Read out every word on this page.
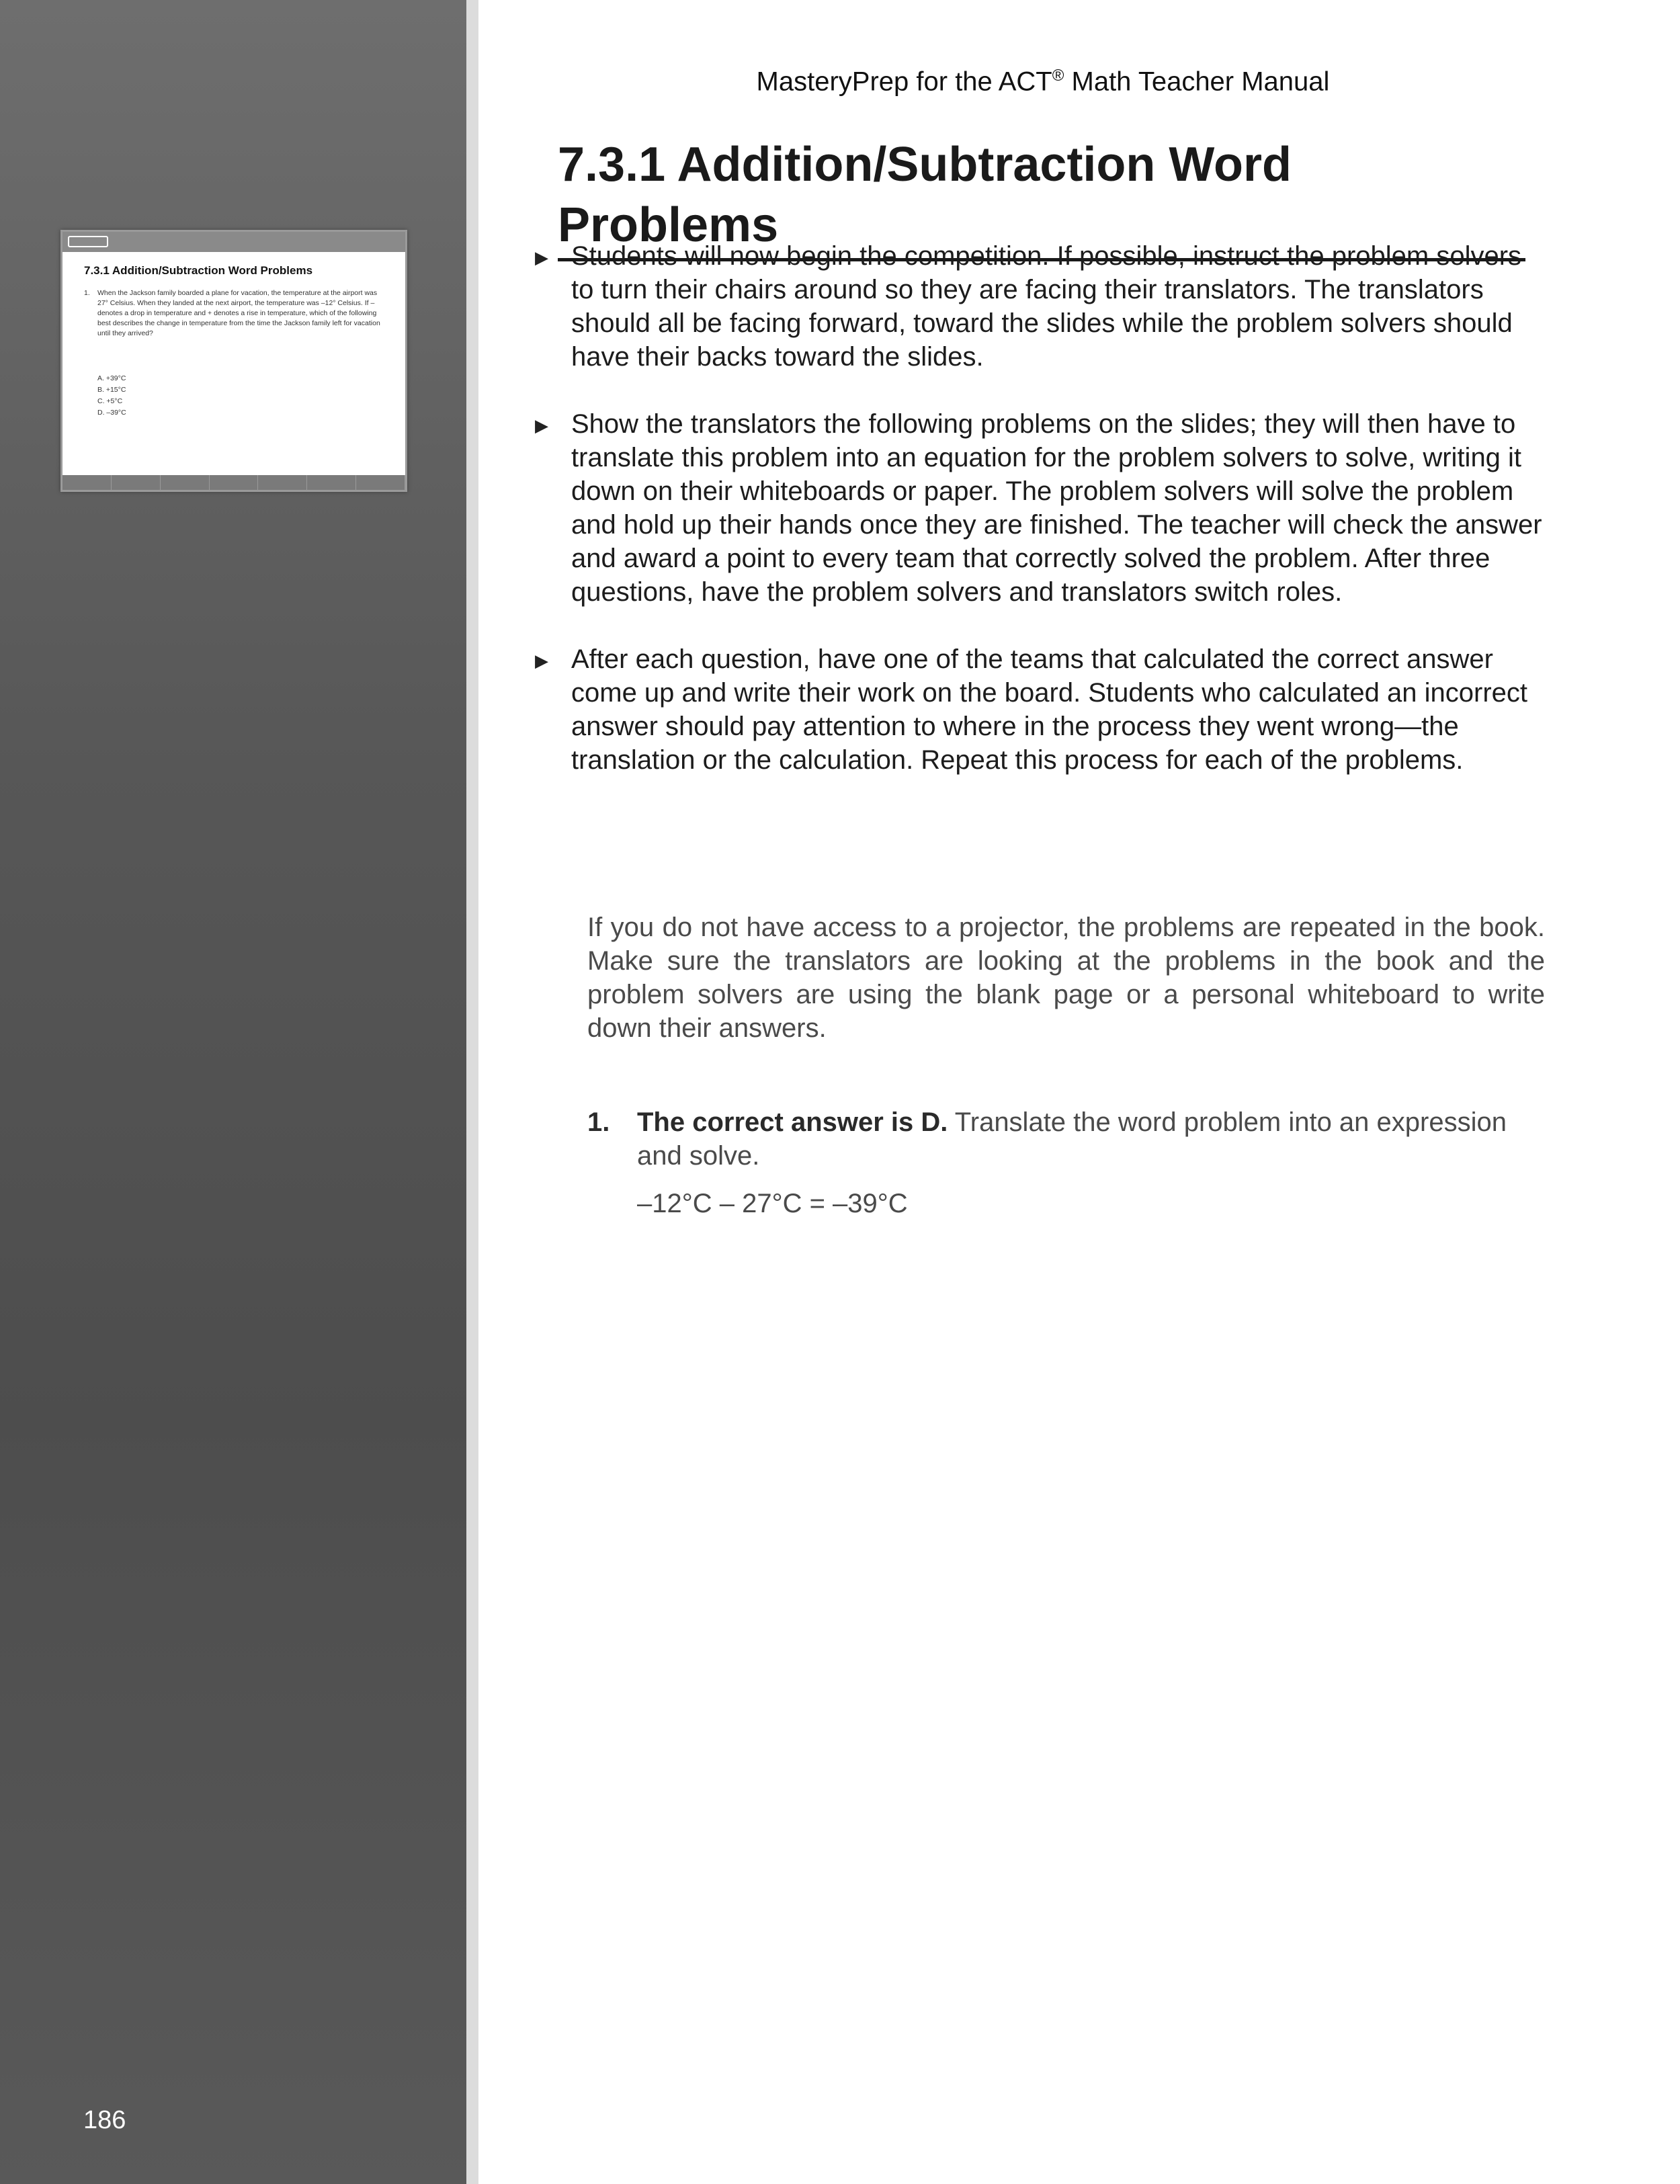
7.3.1 Addition/Subtraction Word Problems
1. When the Jackson family boarded a plane for vacation, the temperature at the airport was 27° Celsius. When they landed at the next airport, the temperature was –12° Celsius. If – denotes a drop in temperature and + denotes a rise in temperature, which of the following best describes the change in temperature from the time the Jackson family left for vacation until they arrived?
A. +39°C
B. +15°C
C. +5°C
D. –39°C
186
MasteryPrep for the ACT® Math Teacher Manual
7.3.1 Addition/Subtraction Word Problems
▶ Students will now begin the competition. If possible, instruct the problem solvers to turn their chairs around so they are facing their translators. The translators should all be facing forward, toward the slides while the problem solvers should have their backs toward the slides.
▶ Show the translators the following problems on the slides; they will then have to translate this problem into an equation for the problem solvers to solve, writing it down on their whiteboards or paper. The problem solvers will solve the problem and hold up their hands once they are finished. The teacher will check the answer and award a point to every team that correctly solved the problem. After three questions, have the problem solvers and translators switch roles.
▶ After each question, have one of the teams that calculated the correct answer come up and write their work on the board. Students who calculated an incorrect answer should pay attention to where in the process they went wrong—the translation or the calculation. Repeat this process for each of the problems.
If you do not have access to a projector, the problems are repeated in the book. Make sure the translators are looking at the problems in the book and the problem solvers are using the blank page or a personal whiteboard to write down their answers.
1. The correct answer is D. Translate the word problem into an expression and solve.
–12°C – 27°C = –39°C
